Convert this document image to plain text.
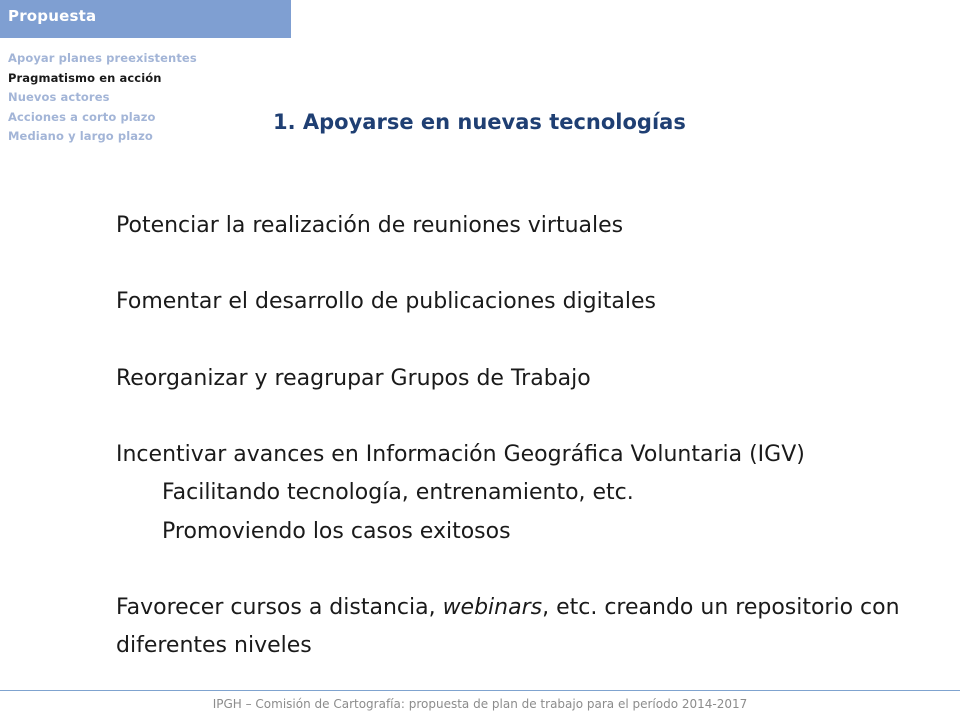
Propuesta
Apoyar planes preexistentes
Pragmatismo en acción
Nuevos actores
Acciones a corto plazo
Mediano y largo plazo
1. Apoyarse en nuevas tecnologías

Potenciar la realización de reuniones virtuales

Fomentar el desarrollo de publicaciones digitales

Reorganizar y reagrupar Grupos de Trabajo

Incentivar avances en Información Geográfica Voluntaria (IGV)

Facilitando tecnología, entrenamiento, etc.

Promoviendo los casos exitosos

Favorecer cursos a distancia, webinars, etc. creando un repositorio con diferentes niveles

IPGH – Comisión de Cartografía: propuesta de plan de trabajo para el período 2014-2017
